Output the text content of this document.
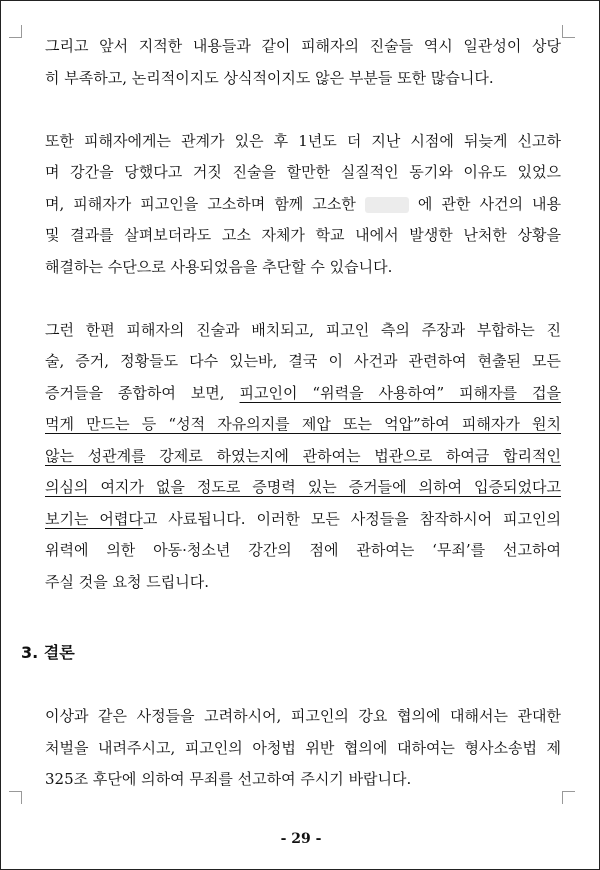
그리고 앞서 지적한 내용들과 같이 피해자의 진술들 역시 일관성이 상당
히 부족하고, 논리적이지도 상식적이지도 않은 부분들 또한 많습니다.
또한 피해자에게는 관계가 있은 후 1년도 더 지난 시점에 뒤늦게 신고하
며 강간을 당했다고 거짓 진술을 할만한 실질적인 동기와 이유도 있었으
며, 피해자가 피고인을 고소하며 함께 고소한	에 관한 사건의 내용
및 결과를 살펴보더라도 고소 자체가 학교 내에서 발생한 난처한 상황을
해결하는 수단으로 사용되었음을 추단할 수 있습니다.
그런 한편 피해자의 진술과 배치되고, 피고인 측의 주장과 부합하는 진
술, 증거, 정황들도 다수 있는바, 결국 이 사건과 관련하여 현출된 모든
증거들을 종합하여 보면, 피고인이 “위력을 사용하여” 피해자를 겁을
먹게 만드는 등 “성적 자유의지를 제압 또는 억압”하여 피해자가 원치
않는 성관계를 강제로 하였는지에 관하여는 법관으로 하여금 합리적인
의심의 여지가 없을 정도로 증명력 있는 증거들에 의하여 입증되었다고
보기는 어렵다고 사료됩니다. 이러한 모든 사정들을 참작하시어 피고인의
위력에 의한 아동·청소년 강간의 점에 관하여는 ‘무죄’를 선고하여
주실 것을 요청 드립니다.
3. 결론
이상과 같은 사정들을 고려하시어, 피고인의 강요 협의에 대해서는 관대한
처벌을 내려주시고, 피고인의 아청법 위반 협의에 대하여는 형사소송법 제
325조 후단에 의하여 무죄를 선고하여 주시기 바랍니다.
- 29 -
